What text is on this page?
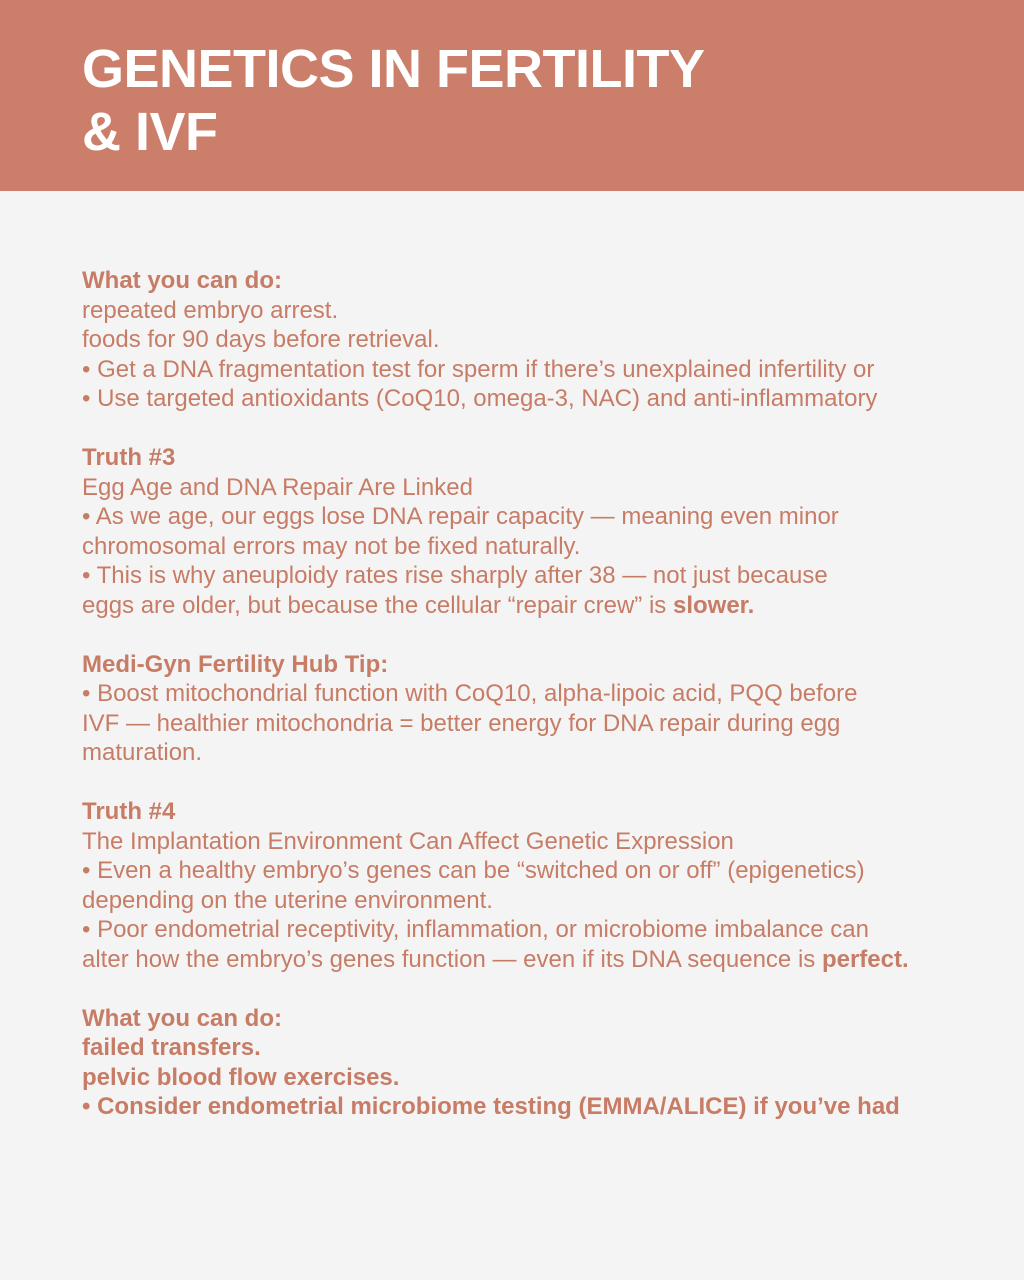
GENETICS IN FERTILITY
& IVF
What you can do:
repeated embryo arrest.
foods for 90 days before retrieval.
• Get a DNA fragmentation test for sperm if there’s unexplained infertility or
• Use targeted antioxidants (CoQ10, omega-3, NAC) and anti-inflammatory
Truth #3
Egg Age and DNA Repair Are Linked
• As we age, our eggs lose DNA repair capacity — meaning even minor
chromosomal errors may not be fixed naturally.
• This is why aneuploidy rates rise sharply after 38 — not just because
eggs are older, but because the cellular “repair crew” is slower.
Medi-Gyn Fertility Hub Tip:
• Boost mitochondrial function with CoQ10, alpha-lipoic acid, PQQ before
IVF — healthier mitochondria = better energy for DNA repair during egg
maturation.
Truth #4
The Implantation Environment Can Affect Genetic Expression
• Even a healthy embryo’s genes can be “switched on or off” (epigenetics)
depending on the uterine environment.
• Poor endometrial receptivity, inflammation, or microbiome imbalance can
alter how the embryo’s genes function — even if its DNA sequence is perfect.
What you can do:
failed transfers.
pelvic blood flow exercises.
• Consider endometrial microbiome testing (EMMA/ALICE) if you’ve had
